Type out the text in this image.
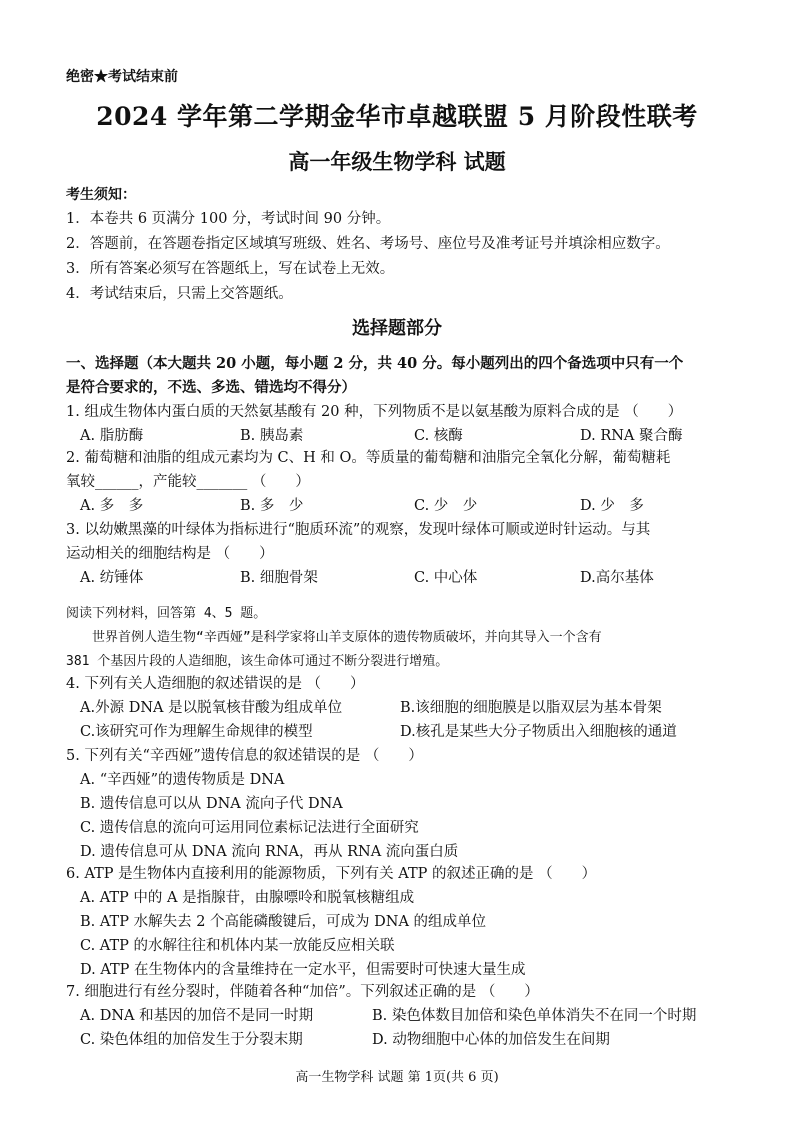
绝密★考试结束前
2024 学年第二学期金华市卓越联盟 5 月阶段性联考
高一年级生物学科 试题
考生须知：
1．本卷共 6 页满分 100 分，考试时间 90 分钟。
2．答题前，在答题卷指定区域填写班级、姓名、考场号、座位号及准考证号并填涂相应数字。
3．所有答案必须写在答题纸上，写在试卷上无效。
4．考试结束后，只需上交答题纸。
选择题部分
一、选择题（本大题共 20 小题，每小题 2 分，共 40 分。每小题列出的四个备选项中只有一个
是符合要求的，不选、多选、错选均不得分）
1. 组成生物体内蛋白质的天然氨基酸有 20 种，下列物质不是以氨基酸为原料合成的是 （　　）
A. 脂肪酶	B. 胰岛素	C. 核酶	D. RNA 聚合酶
2. 葡萄糖和油脂的组成元素均为 C、H 和 O。等质量的葡萄糖和油脂完全氧化分解，葡萄糖耗
氧较______，产能较_______ （　　）
A. 多　多	B. 多　少	C. 少　少	D. 少　多
3. 以幼嫩黑藻的叶绿体为指标进行“胞质环流”的观察，发现叶绿体可顺或逆时针运动。与其
运动相关的细胞结构是 （　　）
A. 纺锤体	B. 细胞骨架	C. 中心体	D.高尔基体
阅读下列材料，回答第 4、5 题。
世界首例人造生物“辛西娅”是科学家将山羊支原体的遗传物质破坏，并向其导入一个含有
381 个基因片段的人造细胞，该生命体可通过不断分裂进行增殖。
4. 下列有关人造细胞的叙述错误的是 （　　）
A.外源 DNA 是以脱氧核苷酸为组成单位	B.该细胞的细胞膜是以脂双层为基本骨架
C.该研究可作为理解生命规律的模型	D.核孔是某些大分子物质出入细胞核的通道
5. 下列有关“辛西娅”遗传信息的叙述错误的是 （　　）
A. “辛西娅”的遗传物质是 DNA
B. 遗传信息可以从 DNA 流向子代 DNA
C. 遗传信息的流向可运用同位素标记法进行全面研究
D. 遗传信息可从 DNA 流向 RNA，再从 RNA 流向蛋白质
6. ATP 是生物体内直接利用的能源物质，下列有关 ATP 的叙述正确的是 （　　）
A. ATP 中的 A 是指腺苷，由腺嘌呤和脱氧核糖组成
B. ATP 水解失去 2 个高能磷酸键后，可成为 DNA 的组成单位
C. ATP 的水解往往和机体内某一放能反应相关联
D. ATP 在生物体内的含量维持在一定水平，但需要时可快速大量生成
7. 细胞进行有丝分裂时，伴随着各种“加倍”。下列叙述正确的是 （　　）
A. DNA 和基因的加倍不是同一时期	B. 染色体数目加倍和染色单体消失不在同一个时期
C. 染色体组的加倍发生于分裂末期	D. 动物细胞中心体的加倍发生在间期
高一生物学科 试题 第 1页(共 6 页)
